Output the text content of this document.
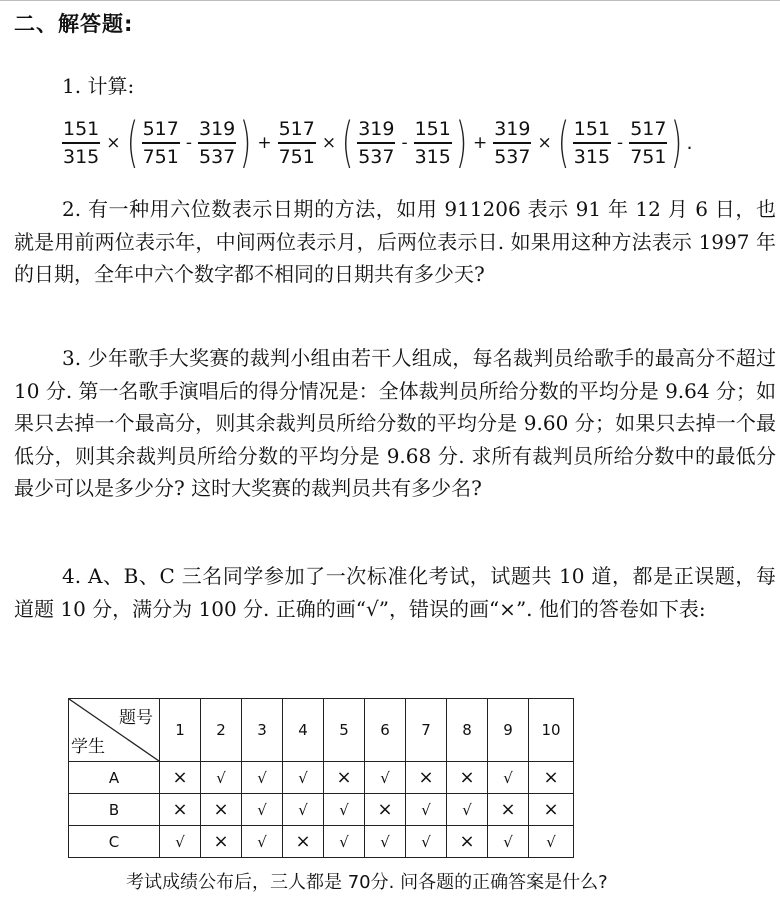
二、解答题:
1. 计算:
$\frac{151}{315}$ × ( $\frac{517}{751} - \frac{319}{537}$ ) + $\frac{517}{751}$ × ( $\frac{319}{537} - \frac{151}{315}$ ) + $\frac{319}{537}$ × ( $\frac{151}{315} - \frac{517}{751}$ ) .

2. 有一种用六位数表示日期的方法，如用 911206 表示 91 年 12 月 6 日，也就是用前两位表示年，中间两位表示月，后两位表示日. 如果用这种方法表示 1997 年的日期，全年中六个数字都不相同的日期共有多少天?

3. 少年歌手大奖赛的裁判小组由若干人组成，每名裁判员给歌手的最高分不超过 10 分. 第一名歌手演唱后的得分情况是：全体裁判员所给分数的平均分是 9.64 分；如果只去掉一个最高分，则其余裁判员所给分数的平均分是 9.60 分；如果只去掉一个最低分，则其余裁判员所给分数的平均分是 9.68 分. 求所有裁判员所给分数中的最低分最少可以是多少分? 这时大奖赛的裁判员共有多少名?

4. A、B、C 三名同学参加了一次标准化考试，试题共 10 道，都是正误题，每道题 10 分，满分为 100 分. 正确的画“√”，错误的画“×”. 他们的答卷如下表:

题号
学生	1	2	3	4	5	6	7	8	9	10
A	×	√	√	√	×	√	×	×	√	×
B	×	×	√	√	√	×	√	√	×	×
C	√	×	√	×	√	√	√	×	√	√
考试成绩公布后，三人都是 70分. 问各题的正确答案是什么?
